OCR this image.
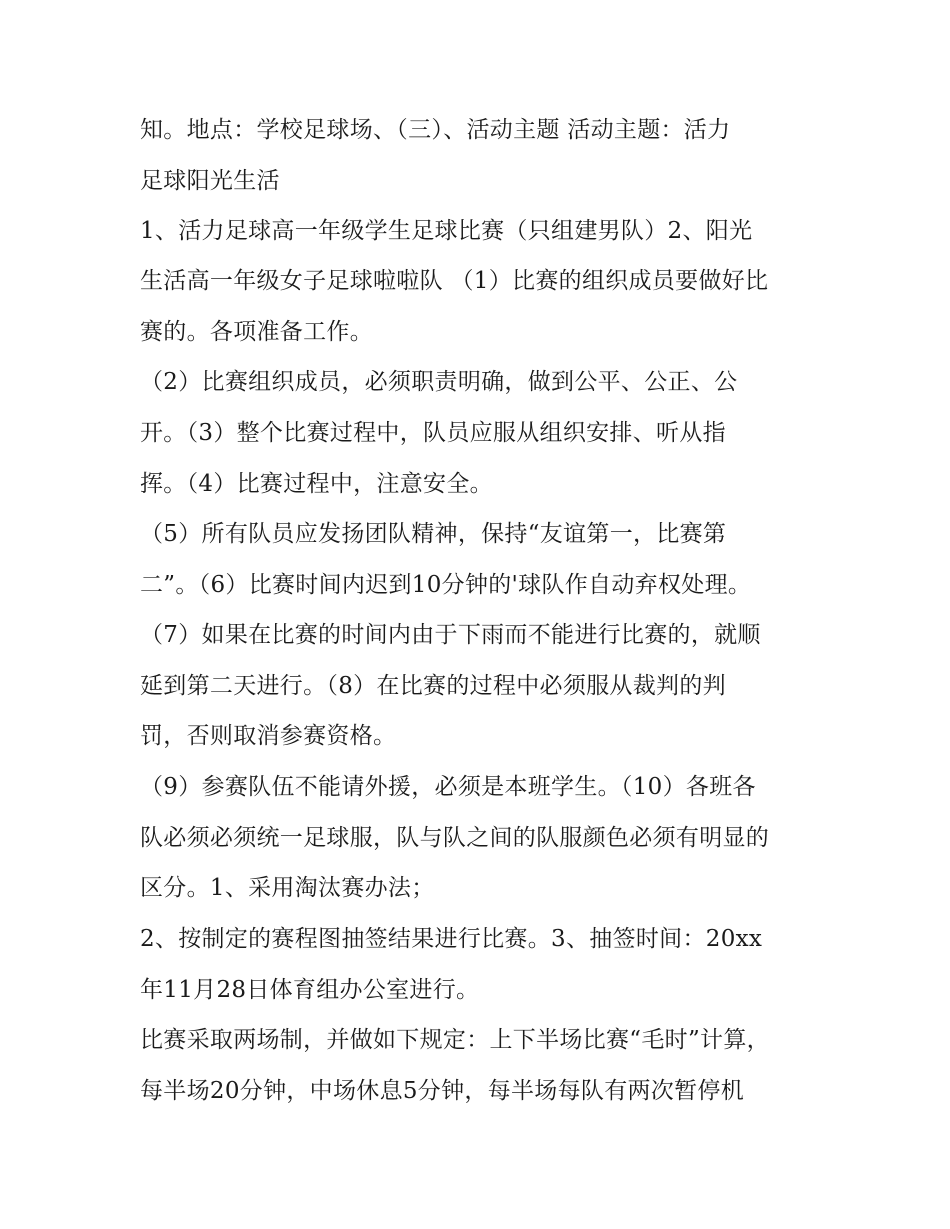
知。地点：学校足球场、（三）、活动主题 活动主题：活力
足球阳光生活
1、活力足球高一年级学生足球比赛（只组建男队）2、阳光
生活高一年级女子足球啦啦队 （1）比赛的组织成员要做好比
赛的。各项准备工作。
（2）比赛组织成员，必须职责明确，做到公平、公正、公
开。（3）整个比赛过程中，队员应服从组织安排、听从指
挥。（4）比赛过程中，注意安全。
（5）所有队员应发扬团队精神，保持“友谊第一，比赛第
二”。（6）比赛时间内迟到10分钟的'球队作自动弃权处理。
（7）如果在比赛的时间内由于下雨而不能进行比赛的，就顺
延到第二天进行。（8）在比赛的过程中必须服从裁判的判
罚，否则取消参赛资格。
（9）参赛队伍不能请外援，必须是本班学生。（10）各班各
队必须必须统一足球服，队与队之间的队服颜色必须有明显的
区分。1、采用淘汰赛办法；
2、按制定的赛程图抽签结果进行比赛。3、抽签时间：20xx
年11月28日体育组办公室进行。
比赛采取两场制，并做如下规定：上下半场比赛“毛时”计算，
每半场20分钟，中场休息5分钟，每半场每队有两次暂停机
